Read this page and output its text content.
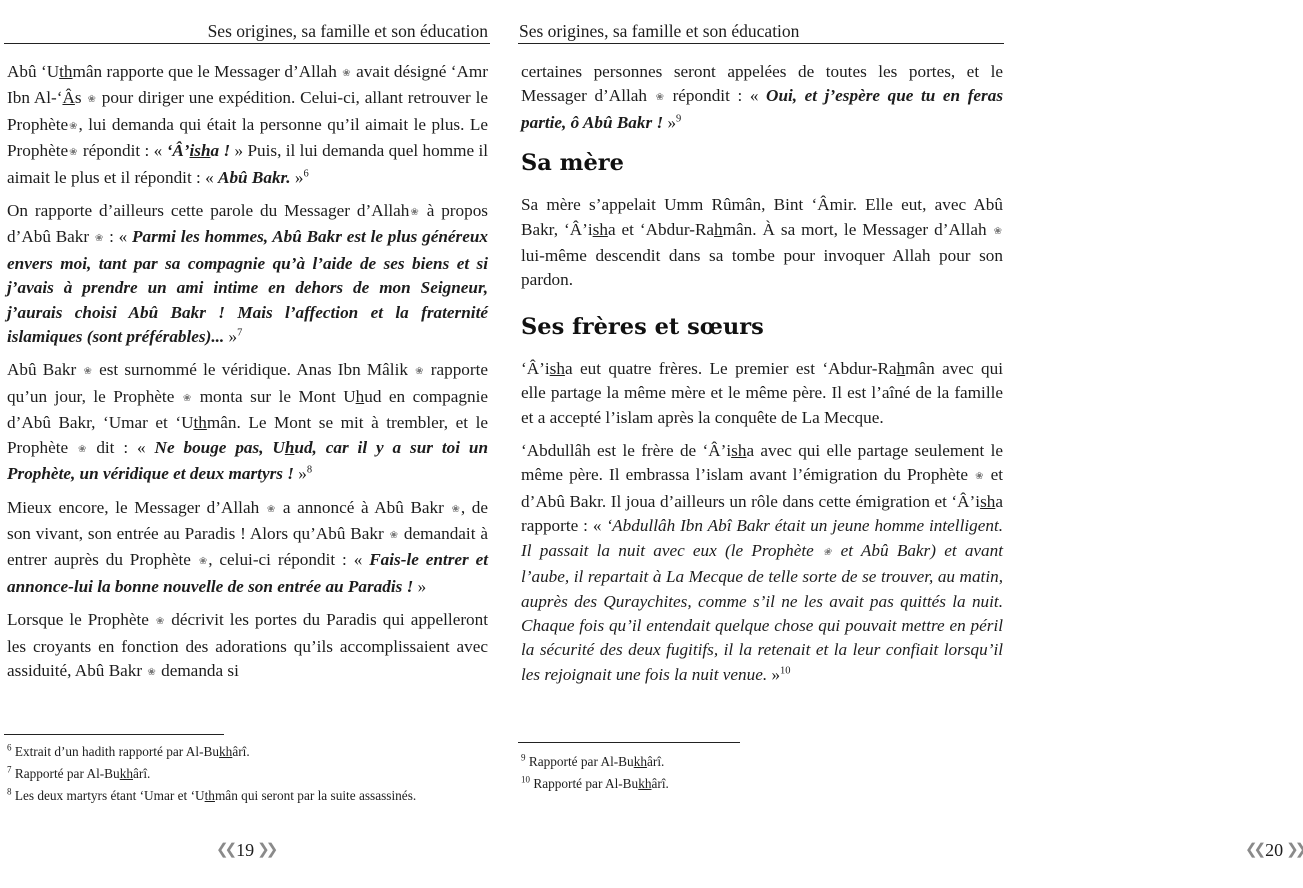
Ses origines, sa famille et son éducation

Abû ‘Uthmân rapporte que le Messager d’Allah ❀ avait désigné ‘Amr Ibn Al-‘Âs ❀ pour diriger une expédition. Celui-ci, allant retrouver le Prophète❀, lui demanda qui était la personne qu’il aimait le plus. Le Prophète❀ répondit : « ‘Â’isha ! » Puis, il lui demanda quel homme il aimait le plus et il répondit : « Abû Bakr. »$^6$

On rapporte d’ailleurs cette parole du Messager d’Allah❀ à propos d’Abû Bakr ❀ : « Parmi les hommes, Abû Bakr est le plus généreux envers moi, tant par sa compagnie qu’à l’aide de ses biens et si j’avais à prendre un ami intime en dehors de mon Seigneur, j’aurais choisi Abû Bakr ! Mais l’affection et la fraternité islamiques (sont préférables)... »$^7$

Abû Bakr ❀ est surnommé le véridique. Anas Ibn Mâlik ❀ rapporte qu’un jour, le Prophète ❀ monta sur le Mont Uhud en compagnie d’Abû Bakr, ‘Umar et ‘Uthmân. Le Mont se mit à trembler, et le Prophète ❀ dit : « Ne bouge pas, Uhud, car il y a sur toi un Prophète, un véridique et deux martyrs ! »$^8$

Mieux encore, le Messager d’Allah ❀ a annoncé à Abû Bakr ❀, de son vivant, son entrée au Paradis ! Alors qu’Abû Bakr ❀ demandait à entrer auprès du Prophète ❀, celui-ci répondit : « Fais-le entrer et annonce-lui la bonne nouvelle de son entrée au Paradis ! »

Lorsque le Prophète ❀ décrivit les portes du Paradis qui appelleront les croyants en fonction des adorations qu’ils accomplissaient avec assiduité, Abû Bakr ❀ demanda si

$^6$ Extrait d’un hadith rapporté par Al-Bukhârî.
$^7$ Rapporté par Al-Bukhârî.
$^8$ Les deux martyrs étant ‘Umar et ‘Uthmân qui seront par la suite assassinés.
❮❮ 19 ❯❯
Ses origines, sa famille et son éducation

certaines personnes seront appelées de toutes les portes, et le Messager d’Allah ❀ répondit : « Oui, et j’espère que tu en feras partie, ô Abû Bakr ! »$^9$

Sa mère

Sa mère s’appelait Umm Rûmân, Bint ‘Âmir. Elle eut, avec Abû Bakr, ‘Â’isha et ‘Abdur-Rahmân. À sa mort, le Messager d’Allah ❀ lui-même descendit dans sa tombe pour invoquer Allah pour son pardon.

Ses frères et sœurs

‘Â’isha eut quatre frères. Le premier est ‘Abdur-Rahmân avec qui elle partage la même mère et le même père. Il est l’aîné de la famille et a accepté l’islam après la conquête de La Mecque.

‘Abdullâh est le frère de ‘Â’isha avec qui elle partage seulement le même père. Il embrassa l’islam avant l’émigration du Prophète ❀ et d’Abû Bakr. Il joua d’ailleurs un rôle dans cette émigration et ‘Â’isha rapporte : « ‘Abdullâh Ibn Abî Bakr était un jeune homme intelligent. Il passait la nuit avec eux (le Prophète ❀ et Abû Bakr) et avant l’aube, il repartait à La Mecque de telle sorte de se trouver, au matin, auprès des Quraychites, comme s’il ne les avait pas quittés la nuit. Chaque fois qu’il entendait quelque chose qui pouvait mettre en péril la sécurité des deux fugitifs, il la retenait et la leur confiait lorsqu’il les rejoignait une fois la nuit venue. »$^{10}$

$^9$ Rapporté par Al-Bukhârî.
$^{10}$ Rapporté par Al-Bukhârî.
❮❮ 20 ❯❯
